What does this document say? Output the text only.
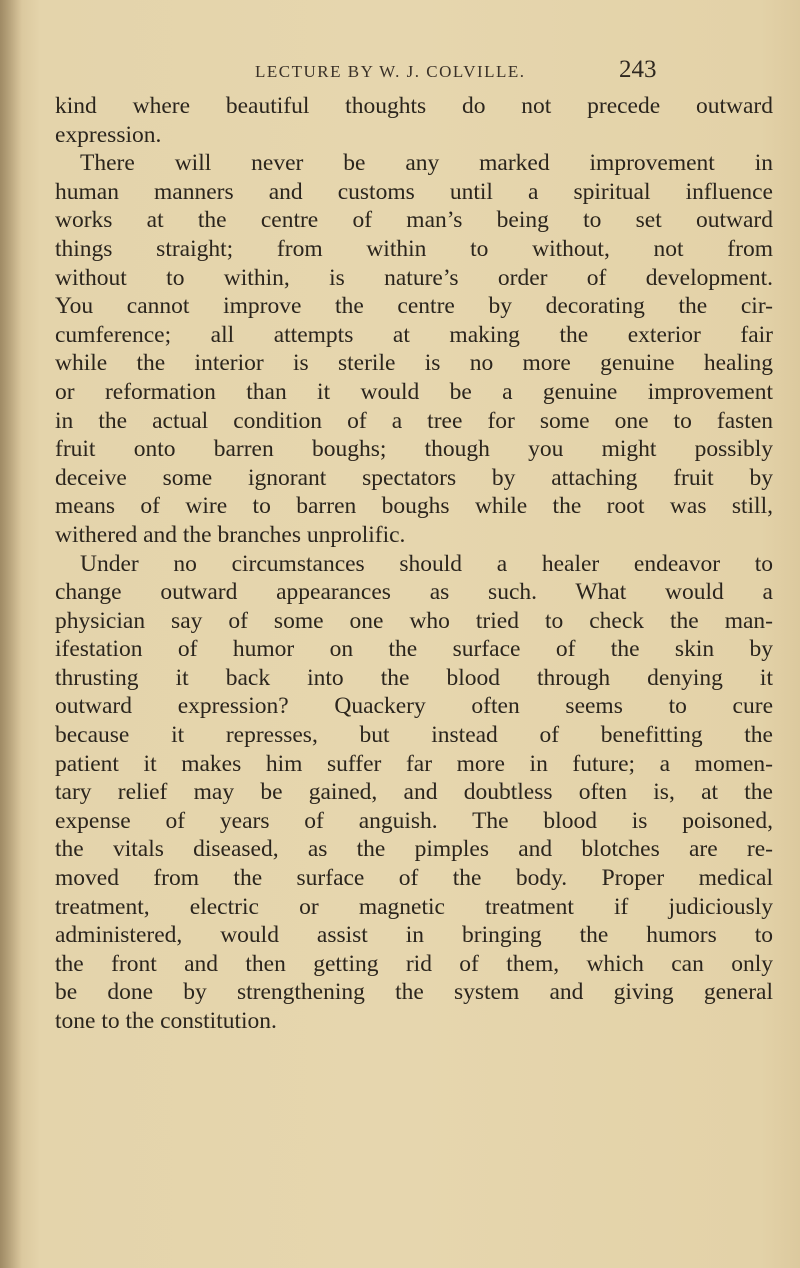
LECTURE BY W. J. COLVILLE.	243
kind where beautiful thoughts do not precede outward
expression.
There will never be any marked improvement in
human manners and customs until a spiritual influence
works at the centre of man’s being to set outward
things straight; from within to without, not from
without to within, is nature’s order of development.
You cannot improve the centre by decorating the cir-
cumference; all attempts at making the exterior fair
while the interior is sterile is no more genuine healing
or reformation than it would be a genuine improvement
in the actual condition of a tree for some one to fasten
fruit onto barren boughs; though you might possibly
deceive some ignorant spectators by attaching fruit by
means of wire to barren boughs while the root was still,
withered and the branches unprolific.
Under no circumstances should a healer endeavor to
change outward appearances as such. What would a
physician say of some one who tried to check the man-
ifestation of humor on the surface of the skin by
thrusting it back into the blood through denying it
outward expression? Quackery often seems to cure
because it represses, but instead of benefitting the
patient it makes him suffer far more in future; a momen-
tary relief may be gained, and doubtless often is, at the
expense of years of anguish. The blood is poisoned,
the vitals diseased, as the pimples and blotches are re-
moved from the surface of the body. Proper medical
treatment, electric or magnetic treatment if judiciously
administered, would assist in bringing the humors to
the front and then getting rid of them, which can only
be done by strengthening the system and giving general
tone to the constitution.
